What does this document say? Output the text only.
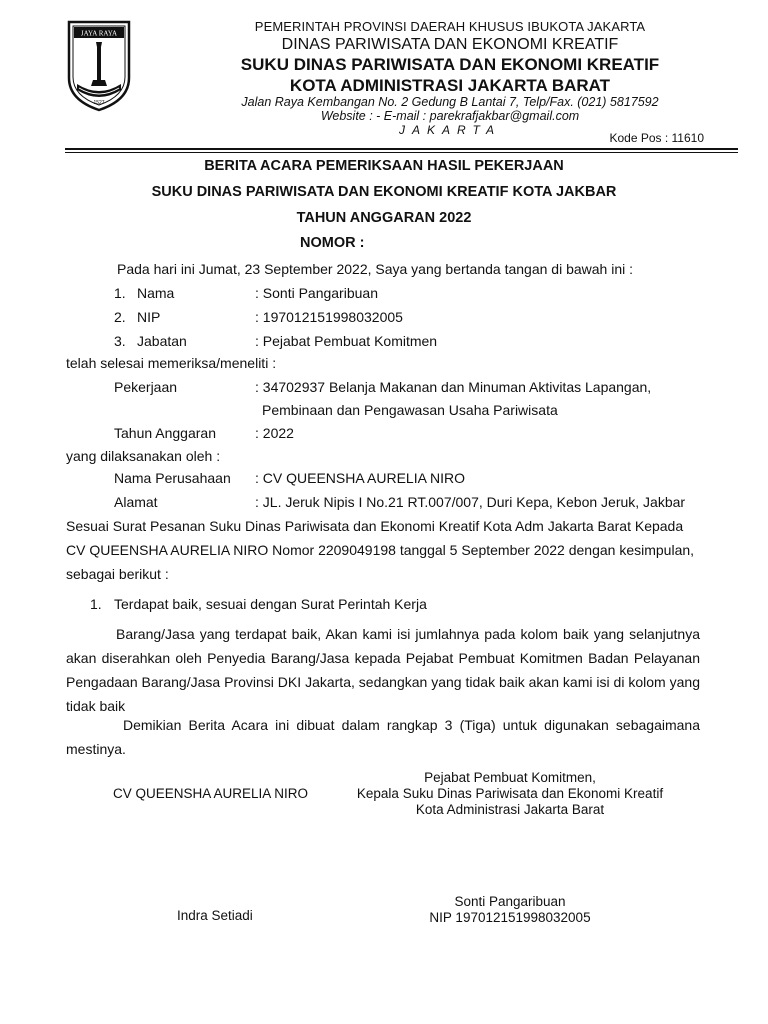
JAYA RAYA
1527
PEMERINTAH PROVINSI DAERAH KHUSUS IBUKOTA JAKARTA
DINAS PARIWISATA DAN EKONOMI KREATIF
SUKU DINAS PARIWISATA DAN EKONOMI KREATIF
KOTA ADMINISTRASI JAKARTA BARAT
Jalan Raya Kembangan No. 2 Gedung B Lantai 7, Telp/Fax. (021) 5817592
Website : - E-mail : parekrafjakbar@gmail.com
JAKARTA
Kode Pos : 11610
BERITA ACARA PEMERIKSAAN HASIL PEKERJAAN
SUKU DINAS PARIWISATA DAN EKONOMI KREATIF KOTA JAKBAR
TAHUN ANGGARAN 2022
NOMOR :
Pada hari ini Jumat, 23 September 2022, Saya yang bertanda tangan di bawah ini :
1. Nama	: Sonti Pangaribuan
2. NIP	: 197012151998032005
3. Jabatan	: Pejabat Pembuat Komitmen
telah selesai memeriksa/meneliti :
Pekerjaan	: 34702937 Belanja Makanan dan Minuman Aktivitas Lapangan,
Pembinaan dan Pengawasan Usaha Pariwisata
Tahun Anggaran	: 2022
yang dilaksanakan oleh :
Nama Perusahaan : CV QUEENSHA AURELIA NIRO
Alamat	: JL. Jeruk Nipis I No.21 RT.007/007, Duri Kepa, Kebon Jeruk, Jakbar
Sesuai Surat Pesanan Suku Dinas Pariwisata dan Ekonomi Kreatif Kota Adm Jakarta Barat Kepada CV QUEENSHA AURELIA NIRO Nomor 2209049198 tanggal 5 September 2022 dengan kesimpulan, sebagai berikut :
1. Terdapat baik, sesuai dengan Surat Perintah Kerja
Barang/Jasa yang terdapat baik, Akan kami isi jumlahnya pada kolom baik yang selanjutnya akan diserahkan oleh Penyedia Barang/Jasa kepada Pejabat Pembuat Komitmen Badan Pelayanan Pengadaan Barang/Jasa Provinsi DKI Jakarta, sedangkan yang tidak baik akan kami isi di kolom yang tidak baik
Demikian Berita Acara ini dibuat dalam rangkap 3 (Tiga) untuk digunakan sebagaimana mestinya.
CV QUEENSHA AURELIA NIRO
Indra Setiadi
Pejabat Pembuat Komitmen,
Kepala Suku Dinas Pariwisata dan Ekonomi Kreatif
Kota Administrasi Jakarta Barat
Sonti Pangaribuan
NIP 197012151998032005
